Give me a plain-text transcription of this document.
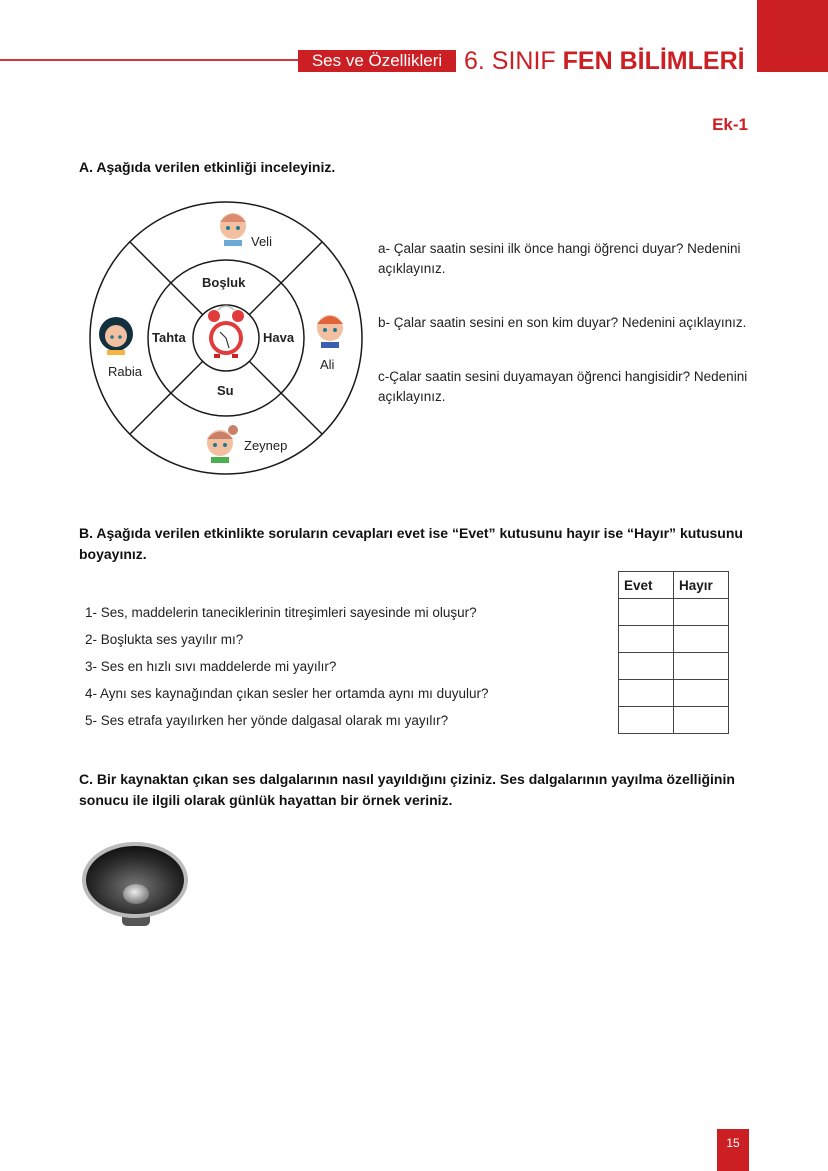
Ses ve Özellikleri 6. SINIF FEN BİLİMLERİ
Ek-1
A. Aşağıda verilen etkinliği inceleyiniz.
Boşluk
Hava
Su
Tahta
Veli
Ali
Zeynep
Rabia
a- Çalar saatin sesini ilk önce hangi öğrenci duyar? Nedenini açıklayınız.
b- Çalar saatin sesini en son kim duyar? Nedenini açıklayınız.
c-Çalar saatin sesini duyamayan öğrenci hangisidir? Nedenini açıklayınız.
B. Aşağıda verilen etkinlikte soruların cevapları evet ise “Evet” kutusunu hayır ise “Hayır” kutusunu boyayınız.
1- Ses, maddelerin taneciklerinin titreşimleri sayesinde mi oluşur?
2- Boşlukta ses yayılır mı?
3- Ses en hızlı sıvı maddelerde mi yayılır?
4- Aynı ses kaynağından çıkan sesler her ortamda aynı mı duyulur?
5- Ses etrafa yayılırken her yönde dalgasal olarak mı yayılır?
Evet	Hayır

C. Bir kaynaktan çıkan ses dalgalarının nasıl yayıldığını çiziniz. Ses dalgalarının yayılma özelliğinin sonucu ile ilgili olarak günlük hayattan bir örnek veriniz.
15
